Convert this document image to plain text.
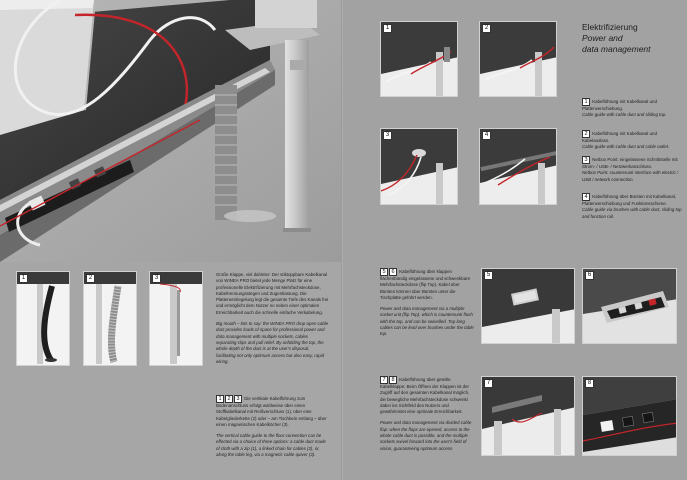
1	2	3

Große Klappe, viel dahinter: Der stiktoppbare Kabelkanal von WINEA PRO bietet jede Menge Platz für eine professionelle Elektrifizierung mit Mehrfachsteckdose, Kabeltrennungsstegen und Zugentlastung. Die Plattenentriegelung legt die gesamte Tiefe des Kanals frei und ermöglicht dem Nutzer so neben einer optimalen Erreichbarkeit auch die schnelle einfache Verkabelung.

Big mouth – lots to say: the WINEA PRO drop-open cable duct provides loads of space for professional power and data management with multiple sockets, cables separating clips and pull relief. By unfolding the top, the whole depth of the duct is at the user's disposal, facilitating not only optimum access but also easy, rapid wiring.

1 2 3 Die vertikale Kabelführung zum Bodenanschluss erfolgt wahlweise über einen Stoffkabelkanal mit Reißverschluss (1), über eine Kabelgliederkette (2) oder – am Tischbein entlang – über einen magnetischen Kabelköcher (3).

The vertical cable guide to the floor connection can be effected via a choice of three options: a cable duct made of cloth with a zip (1), a linked chain for cables (2), or, along the table leg, via a magnetic cable quiver (3).

1	2
3	4
Elektrifizierung
Power and
data management
1 Kabelführung mit Kabelkanal und Plattenverschiebung.
Cable guide with cable duct and sliding top.
2 Kabelführung mit Kabelkanal und Kabelauslass.
Cable guide with cable duct and cable outlet.
3 Netbox Point: eingelassene Schnittstelle mit Strom- / USB- / Netzwerkanschluss.
Netbox Point: countersunk interface with electric / USB / network connection.
4 Kabelführung über Bürsten mit Kabelkanal, Plattenverschiebung und Funktionsschiene.
Cable guide via brushes with cable duct, sliding top and function rail.

5 6 Kabelführung über klappen flächenbündig eingelassene und schwenkbare Mehrfachsteckdose (flip Top). Kabel über Bürsten können über Bürsten unter die Tischplatte geführt werden.

Power and data management via a multiple socket unit (flip Top), which is countersunk flush with the top, and can be swivelled. Top long cables can be lead over brushes under the table top.

7 8 Kabelführung über geteilte Kabelklappe: Beim Öffnen der Klappen ist der Zugriff auf den gesamten Kabelkanal möglich, die bewegliche Mehrfachsteckdose schwenkt dabei ins Sichtfeld des Nutzers und gewährleistet eine optimale Erreichbarkeit.

Power and data management via divided cable flap: when the flaps are opened, access to the whole cable duct is possible, and the multiple sockets swivel forward into the user's field of vision, guaranteeing optimum access.

5	6
7	8
